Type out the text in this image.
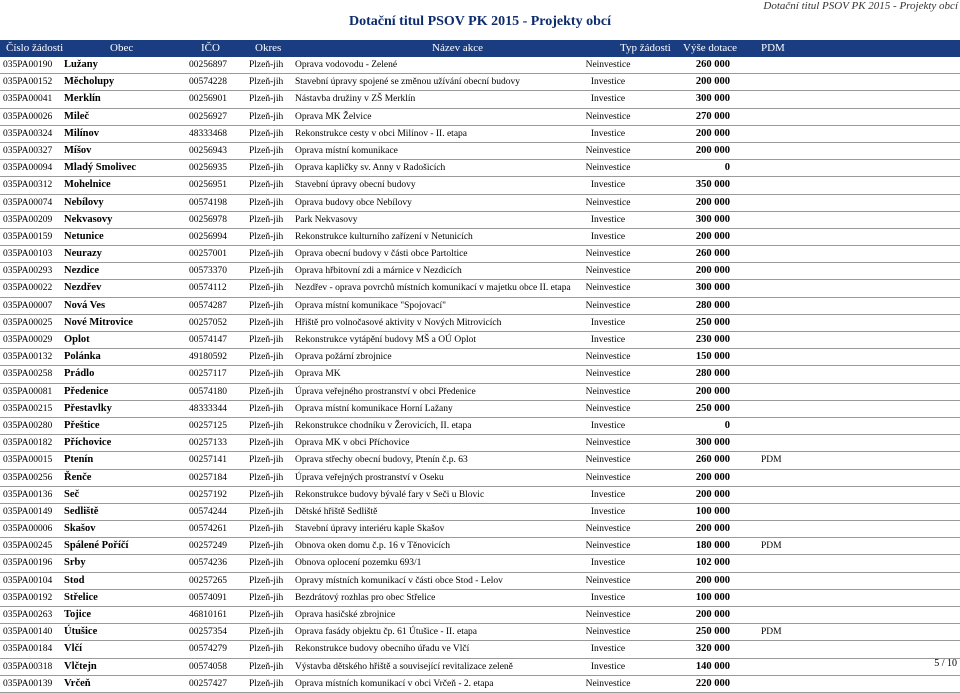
Dotační titul PSOV PK 2015 - Projekty obcí
Dotační titul PSOV PK 2015 - Projekty obcí
Číslo žádosti	Obec	IČO	Okres	Název akce	Typ žádosti Výše dotace PDM
035PA00190 Lužany	00256897 Plzeň-jih Oprava vodovodu - Zelené	Neinvestice	260 000
035PA00152 Měcholupy	00574228 Plzeň-jih Stavební úpravy spojené se změnou užívání obecní budovy	Investice	200 000
035PA00041 Merklín	00256901 Plzeň-jih Nástavba družiny v ZŠ Merklín	Investice	300 000
035PA00026 Mileč	00256927 Plzeň-jih Oprava MK Želvice	Neinvestice	270 000
035PA00324 Milínov	48333468 Plzeň-jih Rekonstrukce cesty v obci Milínov - II. etapa	Investice	200 000
035PA00327 Míšov	00256943 Plzeň-jih Oprava místní komunikace	Neinvestice	200 000
035PA00094 Mladý Smolivec	00256935 Plzeň-jih Oprava kapličky sv. Anny v Radošicích	Neinvestice	0
035PA00312 Mohelnice	00256951 Plzeň-jih Stavební úpravy obecní budovy	Investice	350 000
035PA00074 Nebílovy	00574198 Plzeň-jih Oprava budovy obce Nebílovy	Neinvestice	200 000
035PA00209 Nekvasovy	00256978 Plzeň-jih Park Nekvasovy	Investice	300 000
035PA00159 Netunice	00256994 Plzeň-jih Rekonstrukce kulturního zařízení v Netunicích	Investice	200 000
035PA00103 Neurazy	00257001 Plzeň-jih Oprava obecní budovy v části obce Partoltice	Neinvestice	260 000
035PA00293 Nezdice	00573370 Plzeň-jih Oprava hřbitovní zdi a márnice v Nezdicích	Neinvestice	200 000
035PA00022 Nezdřev	00574112 Plzeň-jih Nezdřev - oprava povrchů místních komunikací v majetku obce II. etapa	Neinvestice	300 000
035PA00007 Nová Ves	00574287 Plzeň-jih Oprava místní komunikace "Spojovací"	Neinvestice	280 000
035PA00025 Nové Mitrovice	00257052 Plzeň-jih Hřiště pro volnočasové aktivity v Nových Mitrovicích	Investice	250 000
035PA00029 Oplot	00574147 Plzeň-jih Rekonstrukce vytápění budovy MŠ a OÚ Oplot	Investice	230 000
035PA00132 Polánka	49180592 Plzeň-jih Oprava požární zbrojnice	Neinvestice	150 000
035PA00258 Prádlo	00257117 Plzeň-jih Oprava MK	Neinvestice	280 000
035PA00081 Předenice	00574180 Plzeň-jih Úprava veřejného prostranství v obci Předenice	Neinvestice	200 000
035PA00215 Přestavlky	48333344 Plzeň-jih Oprava místní komunikace Horní Lažany	Neinvestice	250 000
035PA00280 Přeštice	00257125 Plzeň-jih Rekonstrukce chodníku v Žerovicích, II. etapa	Investice	0
035PA00182 Příchovice	00257133 Plzeň-jih Oprava MK v obci Příchovice	Neinvestice	300 000
035PA00015 Ptenín	00257141 Plzeň-jih Oprava střechy obecní budovy, Ptenín č.p. 63	Neinvestice	260 000	PDM
035PA00256 Řenče	00257184 Plzeň-jih Úprava veřejných prostranství v Oseku	Neinvestice	200 000
035PA00136 Seč	00257192 Plzeň-jih Rekonstrukce budovy bývalé fary v Seči u Blovic	Investice	200 000
035PA00149 Sedliště	00574244 Plzeň-jih Dětské hřiště Sedliště	Investice	100 000
035PA00006 Skašov	00574261 Plzeň-jih Stavební úpravy interiéru kaple Skašov	Neinvestice	200 000
035PA00245 Spálené Poříčí	00257249 Plzeň-jih Obnova oken domu č.p. 16 v Těnovicích	Neinvestice	180 000	PDM
035PA00196 Srby	00574236 Plzeň-jih Obnova oplocení pozemku 693/1	Investice	102 000
035PA00104 Stod	00257265 Plzeň-jih Opravy místních komunikací v části obce Stod - Lelov	Neinvestice	200 000
035PA00192 Střelice	00574091 Plzeň-jih Bezdrátový rozhlas pro obec Střelice	Investice	100 000
035PA00263 Tojice	46810161 Plzeň-jih Oprava hasičské zbrojnice	Neinvestice	200 000
035PA00140 Útušice	00257354 Plzeň-jih Oprava fasády objektu čp. 61 Útušice - II. etapa	Neinvestice	250 000	PDM
035PA00184 Vlčí	00574279 Plzeň-jih Rekonstrukce budovy obecního úřadu ve Vlčí	Investice	320 000
035PA00318 Vlčtejn	00574058 Plzeň-jih Výstavba dětského hřiště a související revitalizace zeleně	Investice	140 000
035PA00139 Vrčeň	00257427 Plzeň-jih Oprava místních komunikací v obci Vrčeň - 2. etapa	Neinvestice	220 000
5 / 10
